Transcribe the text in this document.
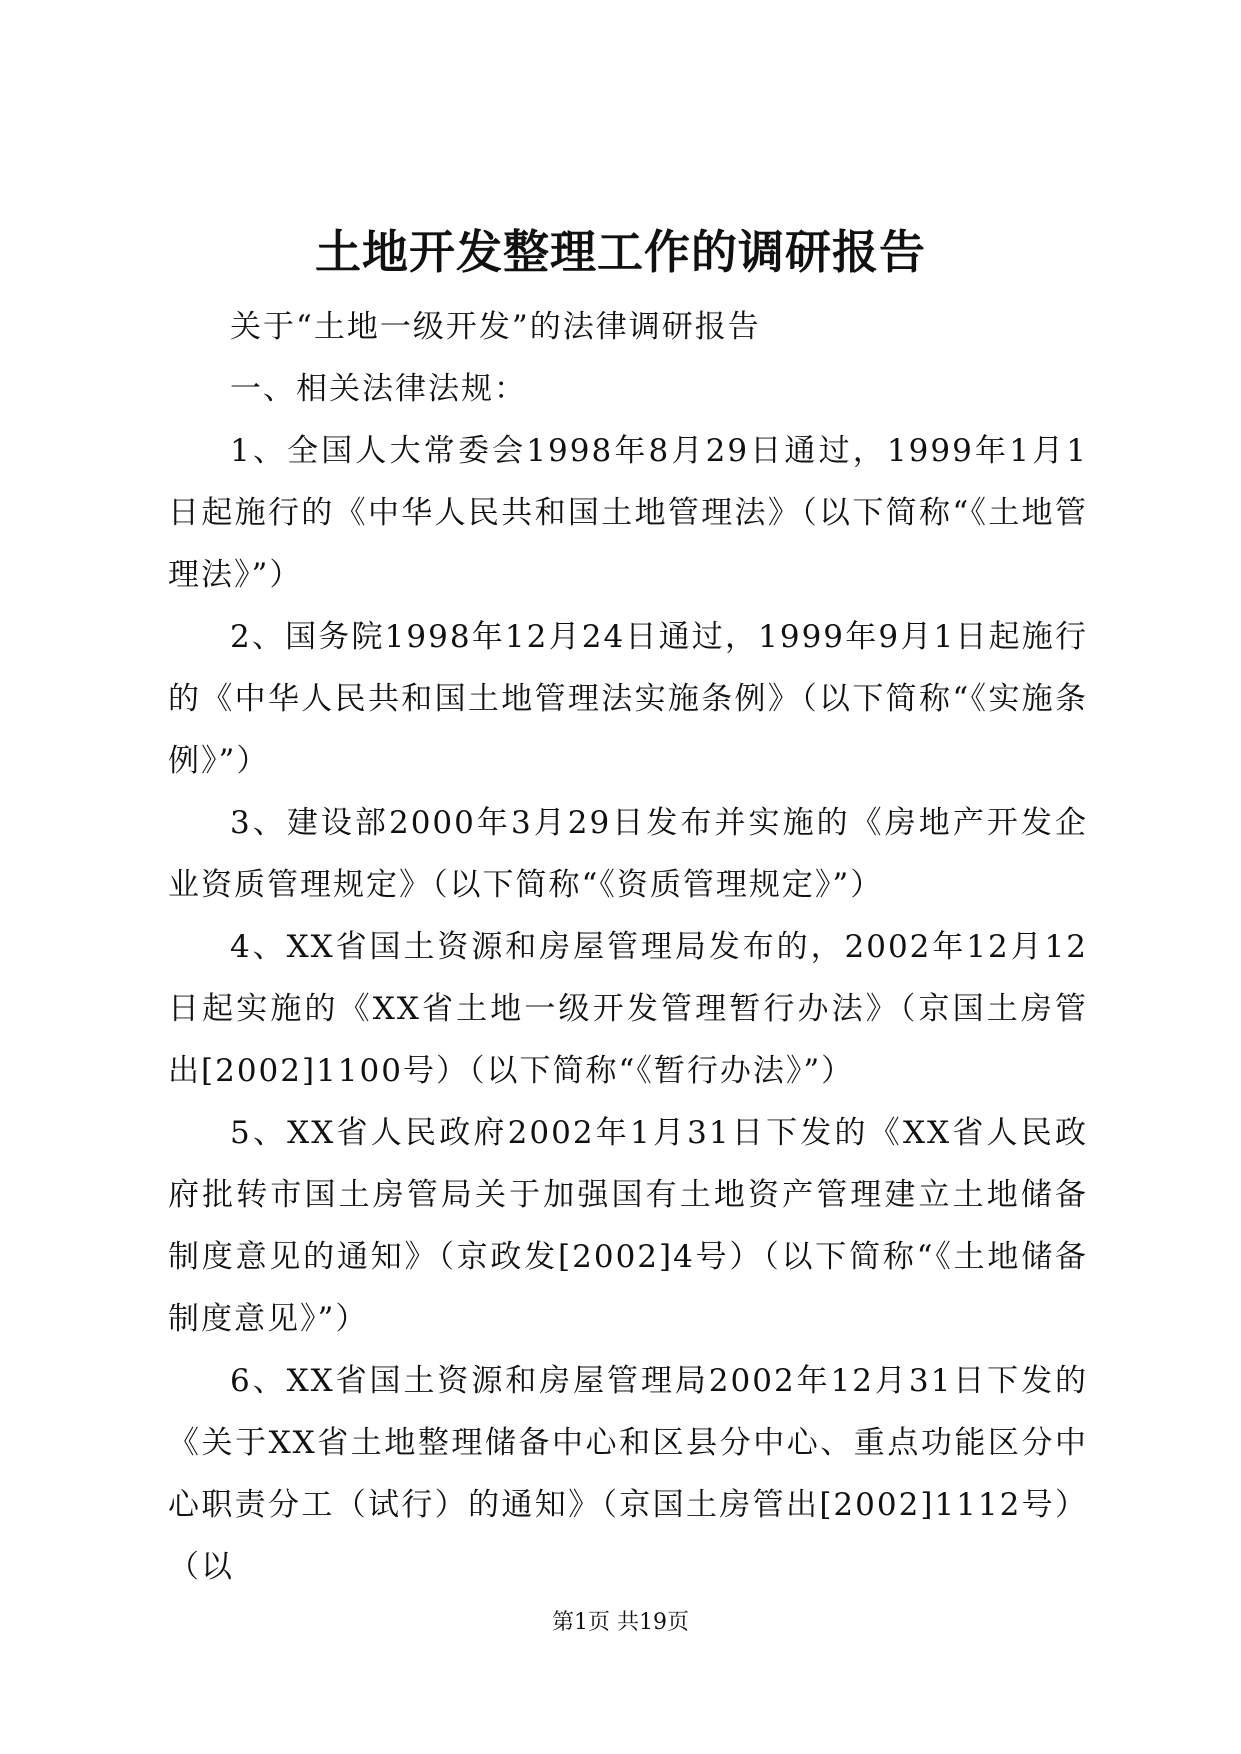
土地开发整理工作的调研报告

关于“土地一级开发”的法律调研报告

一、相关法律法规：

1、全国人大常委会1998年8月29日通过，1999年1月1日起施行的《中华人民共和国土地管理法》（以下简称“《土地管理法》”）

2、国务院1998年12月24日通过，1999年9月1日起施行的《中华人民共和国土地管理法实施条例》（以下简称“《实施条例》”）

3、建设部2000年3月29日发布并实施的《房地产开发企业资质管理规定》（以下简称“《资质管理规定》”）

4、XX省国土资源和房屋管理局发布的，2002年12月12日起实施的《XX省土地一级开发管理暂行办法》（京国土房管出[2002]1100号）（以下简称“《暂行办法》”）

5、XX省人民政府2002年1月31日下发的《XX省人民政府批转市国土房管局关于加强国有土地资产管理建立土地储备制度意见的通知》（京政发[2002]4号）（以下简称“《土地储备制度意见》”）

6、XX省国土资源和房屋管理局2002年12月31日下发的《关于XX省土地整理储备中心和区县分中心、重点功能区分中心职责分工（试行）的通知》（京国土房管出[2002]1112号）（以

第1页 共19页
